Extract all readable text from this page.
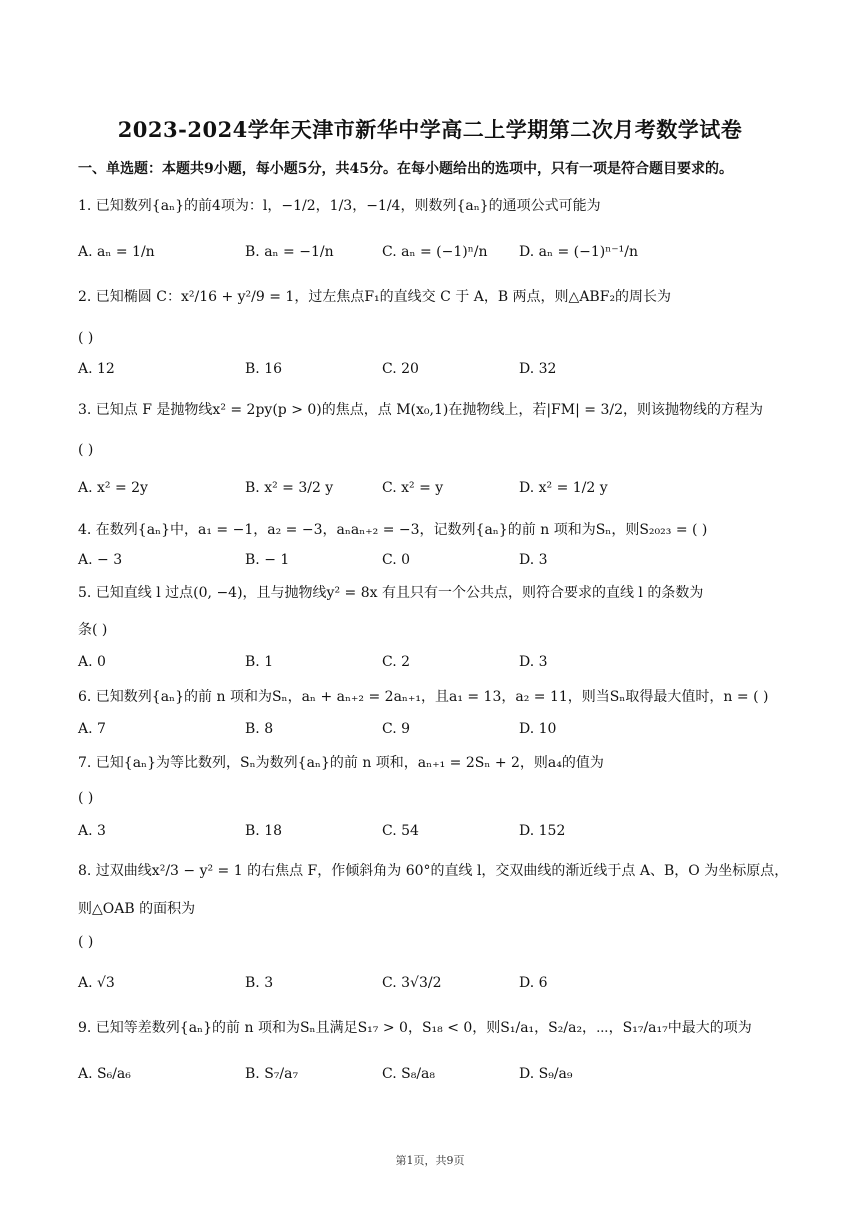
2023-2024学年天津市新华中学高二上学期第二次月考数学试卷
一、单选题：本题共9小题，每小题5分，共45分。在每小题给出的选项中，只有一项是符合题目要求的。
1. 已知数列{aₙ}的前4项为：l，−1/2，1/3，−1/4，则数列{aₙ}的通项公式可能为
A. aₙ = 1/n	B. aₙ = −1/n	C. aₙ = (−1)ⁿ/n D. aₙ = (−1)ⁿ⁻¹/n
2. 已知椭圆 C：x²/16 + y²/9 = 1，过左焦点F₁的直线交 C 于 A，B 两点，则△ABF₂的周长为
( )
A. 12	B. 16	C. 20	D. 32
3. 已知点 F 是抛物线x² = 2py(p > 0)的焦点，点 M(x₀,1)在抛物线上，若|FM| = 3/2，则该抛物线的方程为
( )
A. x² = 2y	B. x² = 3/2 y	C. x² = y	D. x² = 1/2 y
4. 在数列{aₙ}中，a₁ = −1，a₂ = −3，aₙaₙ₊₂ = −3，记数列{aₙ}的前 n 项和为Sₙ，则S₂₀₂₃ = ( )
A. − 3	B. − 1	C. 0	D. 3
5. 已知直线 l 过点(0, −4)，且与抛物线y² = 8x 有且只有一个公共点，则符合要求的直线 l 的条数为
条( )
A. 0	B. 1	C. 2	D. 3
6. 已知数列{aₙ}的前 n 项和为Sₙ，aₙ + aₙ₊₂ = 2aₙ₊₁，且a₁ = 13，a₂ = 11，则当Sₙ取得最大值时，n = ( )
A. 7	B. 8	C. 9	D. 10
7. 已知{aₙ}为等比数列，Sₙ为数列{aₙ}的前 n 项和，aₙ₊₁ = 2Sₙ + 2，则a₄的值为
( )
A. 3	B. 18	C. 54	D. 152
8. 过双曲线x²/3 − y² = 1 的右焦点 F，作倾斜角为 60°的直线 l，交双曲线的渐近线于点 A、B，O 为坐标原点，
则△OAB 的面积为
( )
A. √3	B. 3	C. 3√3/2	D. 6
9. 已知等差数列{aₙ}的前 n 项和为Sₙ且满足S₁₇ > 0，S₁₈ < 0，则S₁/a₁，S₂/a₂，⋯，S₁₇/a₁₇中最大的项为
A. S₆/a₆	B. S₇/a₇	C. S₈/a₈	D. S₉/a₉
第1页，共9页
